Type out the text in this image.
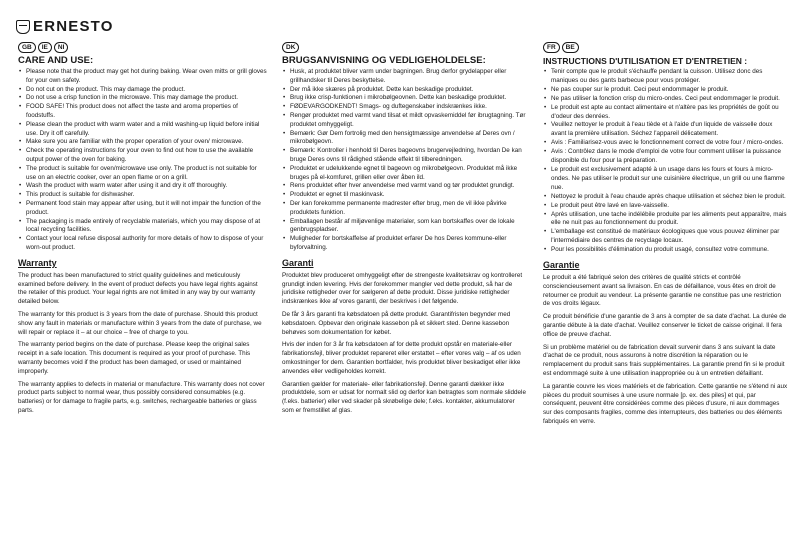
ERNESTO
GB	IE	NI
CARE AND USE:
• Please note that the product may get hot during baking. Wear oven mitts or grill gloves for your own safety.
• Do not cut on the product. This may damage the product.
• Do not use a crisp function in the microwave. This may damage the product.
• FOOD SAFE! This product does not affect the taste and aroma properties of foodstuffs.
• Please clean the product with warm water and a mild washing-up liquid before initial use. Dry it off carefully.
• Make sure you are familiar with the proper operation of your oven/ microwave.
• Check the operating instructions for your oven to find out how to use the available output power of the oven for baking.
• The product is suitable for oven/microwave use only. The product is not suitable for use on an electric cooker, over an open flame or on a grill.
• Wash the product with warm water after using it and dry it off thoroughly.
• This product is suitable for dishwasher.
• Permanent food stain may appear after using, but it will not impair the function of the product.
• The packaging is made entirely of recyclable materials, which you may dispose of at local recycling facilities.
• Contact your local refuse disposal authority for more details of how to dispose of your worn-out product.
Warranty

The product has been manufactured to strict quality guidelines and meticulously examined before delivery. In the event of product defects you have legal rights against the retailer of this product. Your legal rights are not limited in any way by our warranty detailed below.

The warranty for this product is 3 years from the date of purchase. Should this product show any fault in materials or manufacture within 3 years from the date of purchase, we will repair or replace it – at our choice – free of charge to you.

The warranty period begins on the date of purchase. Please keep the original sales receipt in a safe location. This document is required as your proof of purchase. This warranty becomes void if the product has been damaged, or used or maintained improperly.

The warranty applies to defects in material or manufacture. This warranty does not cover product parts subject to normal wear, thus possibly considered consumables (e.g. batteries) or for damage to fragile parts, e.g. switches, rechargeable batteries or glass parts.

DK
BRUGSANVISNING OG VEDLIGEHOLDELSE:
• Husk, at produktet bliver varm under bagningen. Brug derfor grydelapper eller grillhandsker til Deres beskyttelse.
• Der må ikke skæres på produktet. Dette kan beskadige produktet.
• Brug ikke crisp-funktionen i mikrobølgeovnen. Dette kan beskadige produktet.
• FØDEVARGODKENDT! Smags- og duftegenskaber indskrænkes ikke.
• Rengør produktet med varmt vand tilsat et mildt opvaskemiddel før ibrugtagning. Tør produktet omhyggeligt.
• Bemærk: Gør Dem fortrolig med den hensigtmæssige anvendelse af Deres ovn / mikrobølgeovn.
• Bemærk: Kontroller i henhold til Deres bageovns brugervejledning, hvordan De kan bruge Deres ovns til rådighed stående effekt til tilberedningen.
• Produktet er udelukkende egnet til bageovn og mikrobølgeovn. Produktet må ikke bruges på el-komfuret, grillen eller over åben ild.
• Rens produktet efter hver anvendelse med varmt vand og tør produktet grundigt.
• Produktet er egnet til maskinvask.
• Der kan forekomme permanente madrester efter brug, men de vil ikke påvirke produktets funktion.
• Emballagen består af miljøvenlige materialer, som kan bortskaffes over de lokale genbrugspladser.
• Muligheder for bortskaffelse af produktet erfarer De hos Deres kommune-eller byforvaltning.
Garanti

Produktet blev produceret omhyggeligt efter de strengeste kvalitetskrav og kontrolleret grundigt inden levering. Hvis der forekommer mangler ved dette produkt, så har de juridiske rettigheder over for sælgeren af dette produkt. Disse juridiske rettigheder indskrænkes ikke af vores garanti, der beskrives i det følgende.

De får 3 års garanti fra købsdatoen på dette produkt. Garantifristen begynder med købsdatoen. Opbevar den originale kassebon på et sikkert sted. Denne kassebon behøves som dokumentation for købet.

Hvis der inden for 3 år fra købsdatoen af for dette produkt opstår en materiale-eller fabrikationsfejl, bliver produktet repareret eller erstattet – efter vores valg – af os uden omkostninger for dem. Garantien bortfalder, hvis produktet bliver beskadiget eller ikke anvendes eller vedligeholdes korrekt.

Garantien gælder for materiale- eller fabrikationsfejl. Denne garanti dækker ikke produktdele, som er udsat for normalt slid og derfor kan betragtes som normale sliddele (f.eks. batterier) eller ved skader på skrøbelige dele; f.eks. kontakter, akkumulatorer som er fremstillet af glas.

FR	BE
INSTRUCTIONS D'UTILISATION ET D'ENTRETIEN :
• Tenir compte que le produit s'échauffe pendant la cuisson. Utilisez donc des maniques ou des gants barbecue pour vous protéger.
• Ne pas couper sur le produit. Ceci peut endommager le produit.
• Ne pas utiliser la fonction crisp du micro-ondes. Ceci peut endommager le produit.
• Le produit est apte au contact alimentaire et n'altère pas les propriétés de goût ou d'odeur des denrées.
• Veuillez nettoyer le produit à l'eau tiède et à l'aide d'un liquide de vaisselle doux avant la première utilisation. Séchez l'appareil délicatement.
• Avis : Familiarisez-vous avec le fonctionnement correct de votre four / micro-ondes.
• Avis : Contrôlez dans le mode d'emploi de votre four comment utiliser la puissance disponible du four pour la préparation.
• Le produit est exclusivement adapté à un usage dans les fours et fours à micro-ondes. Ne pas utiliser le produit sur une cuisinière électrique, un grill ou une flamme nue.
• Nettoyez le produit à l'eau chaude après chaque utilisation et séchez bien le produit.
• Le produit peut être lavé en lave-vaisselle.
• Après utilisation, une tache indélébile produite par les aliments peut apparaître, mais elle ne nuit pas au fonctionnement du produit.
• L'emballage est constitué de matériaux écologiques que vous pouvez éliminer par l'intermédiaire des centres de recyclage locaux.
• Pour les possibilités d'élimination du produit usagé, consultez votre commune.
Garantie

Le produit a été fabriqué selon des critères de qualité stricts et contrôlé consciencieusement avant sa livraison. En cas de défaillance, vous êtes en droit de retourner ce produit au vendeur. La présente garantie ne constitue pas une restriction de vos droits légaux.

Ce produit bénéficie d'une garantie de 3 ans à compter de sa date d'achat. La durée de garantie débute à la date d'achat. Veuillez conserver le ticket de caisse original. Il fera office de preuve d'achat.

Si un problème matériel ou de fabrication devait survenir dans 3 ans suivant la date d'achat de ce produit, nous assurons à notre discrétion la réparation ou le remplacement du produit sans frais supplémentaires. La garantie prend fin si le produit est endommagé suite à une utilisation inappropriée ou à un entretien défaillant.

La garantie couvre les vices matériels et de fabrication. Cette garantie ne s'étend ni aux pièces du produit soumises à une usure normale [p. ex. des piles] et qui, par conséquent, peuvent être considérées comme des pièces d'usure, ni aux dommages sur des composants fragiles, comme des interrupteurs, des batteries ou des éléments fabriqués en verre.
